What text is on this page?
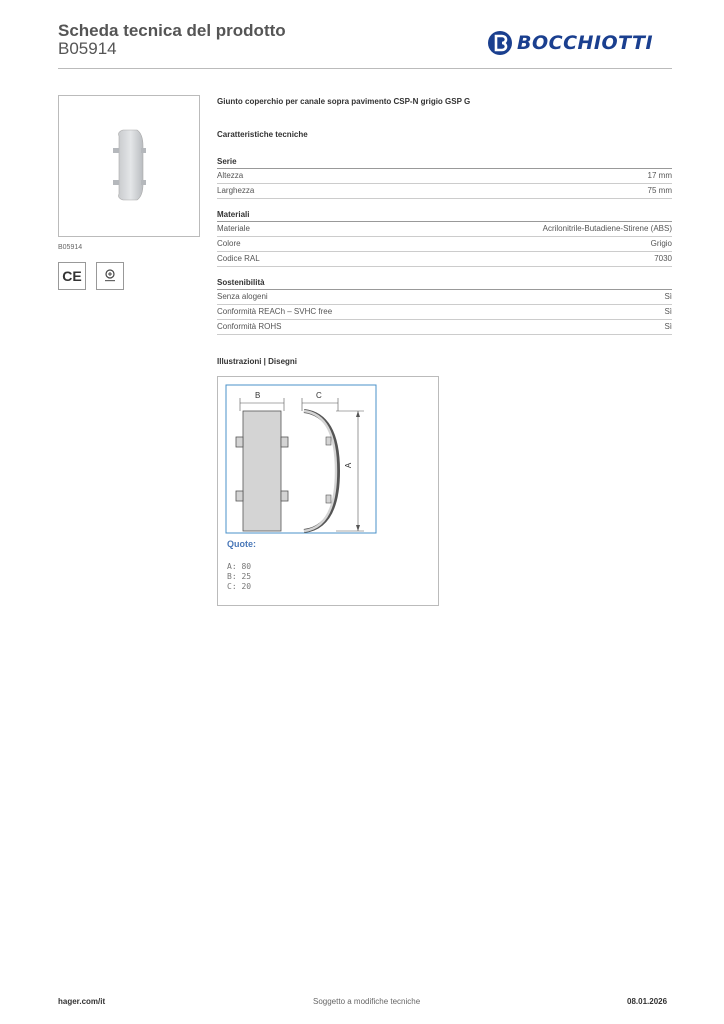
Scheda tecnica del prodotto
B05914	BOCCHIOTTI
B05914
CE
Giunto coperchio per canale sopra pavimento CSP-N grigio GSP G
Caratteristiche tecniche
Serie
Altezza	17 mm
Larghezza	75 mm
Materiali
Materiale	Acrilonitrile-Butadiene-Stirene (ABS)
Colore	Grigio
Codice RAL	7030
Sostenibilità
Senza alogeni	Sì
Conformità REACh – SVHC free	Sì
Conformità ROHS	Sì
Illustrazioni | Disegni
B	C
A
Quote:
A: 80
B: 25
C: 20
hager.com/it	Soggetto a modifiche tecniche	08.01.2026
